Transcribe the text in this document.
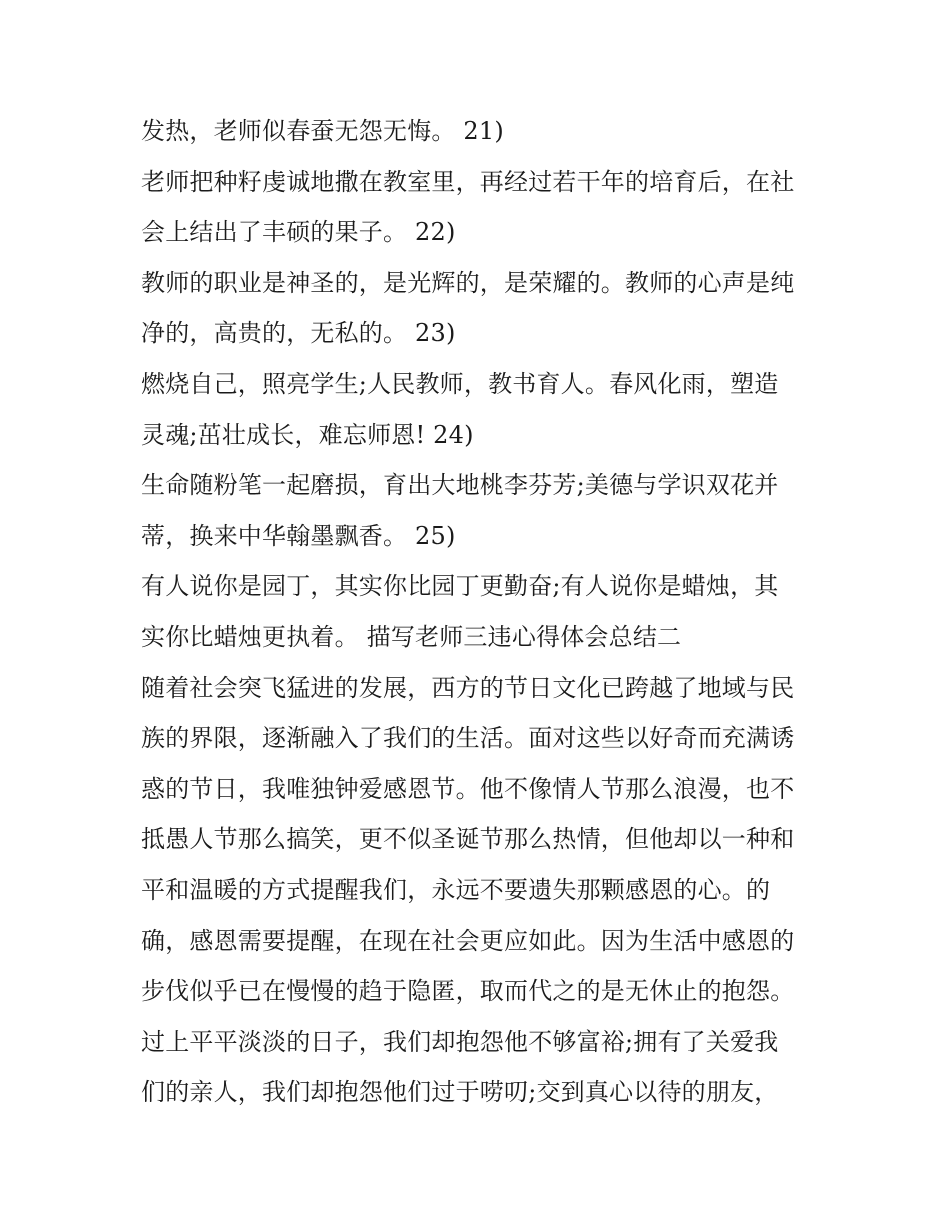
发热，老师似春蚕无怨无悔。 21)
老师把种籽虔诚地撒在教室里，再经过若干年的培育后，在社
会上结出了丰硕的果子。 22)
教师的职业是神圣的，是光辉的，是荣耀的。教师的心声是纯
净的，高贵的，无私的。 23)
燃烧自己，照亮学生;人民教师，教书育人。春风化雨，塑造
灵魂;茁壮成长，难忘师恩! 24)
生命随粉笔一起磨损，育出大地桃李芬芳;美德与学识双花并
蒂，换来中华翰墨飘香。 25)
有人说你是园丁，其实你比园丁更勤奋;有人说你是蜡烛，其
实你比蜡烛更执着。 描写老师三违心得体会总结二
随着社会突飞猛进的发展，西方的节日文化已跨越了地域与民
族的界限，逐渐融入了我们的生活。面对这些以好奇而充满诱
惑的节日，我唯独钟爱感恩节。他不像情人节那么浪漫，也不
抵愚人节那么搞笑，更不似圣诞节那么热情，但他却以一种和
平和温暖的方式提醒我们，永远不要遗失那颗感恩的心。的
确，感恩需要提醒，在现在社会更应如此。因为生活中感恩的
步伐似乎已在慢慢的趋于隐匿，取而代之的是无休止的抱怨。
过上平平淡淡的日子，我们却抱怨他不够富裕;拥有了关爱我
们的亲人，我们却抱怨他们过于唠叨;交到真心以待的朋友，
